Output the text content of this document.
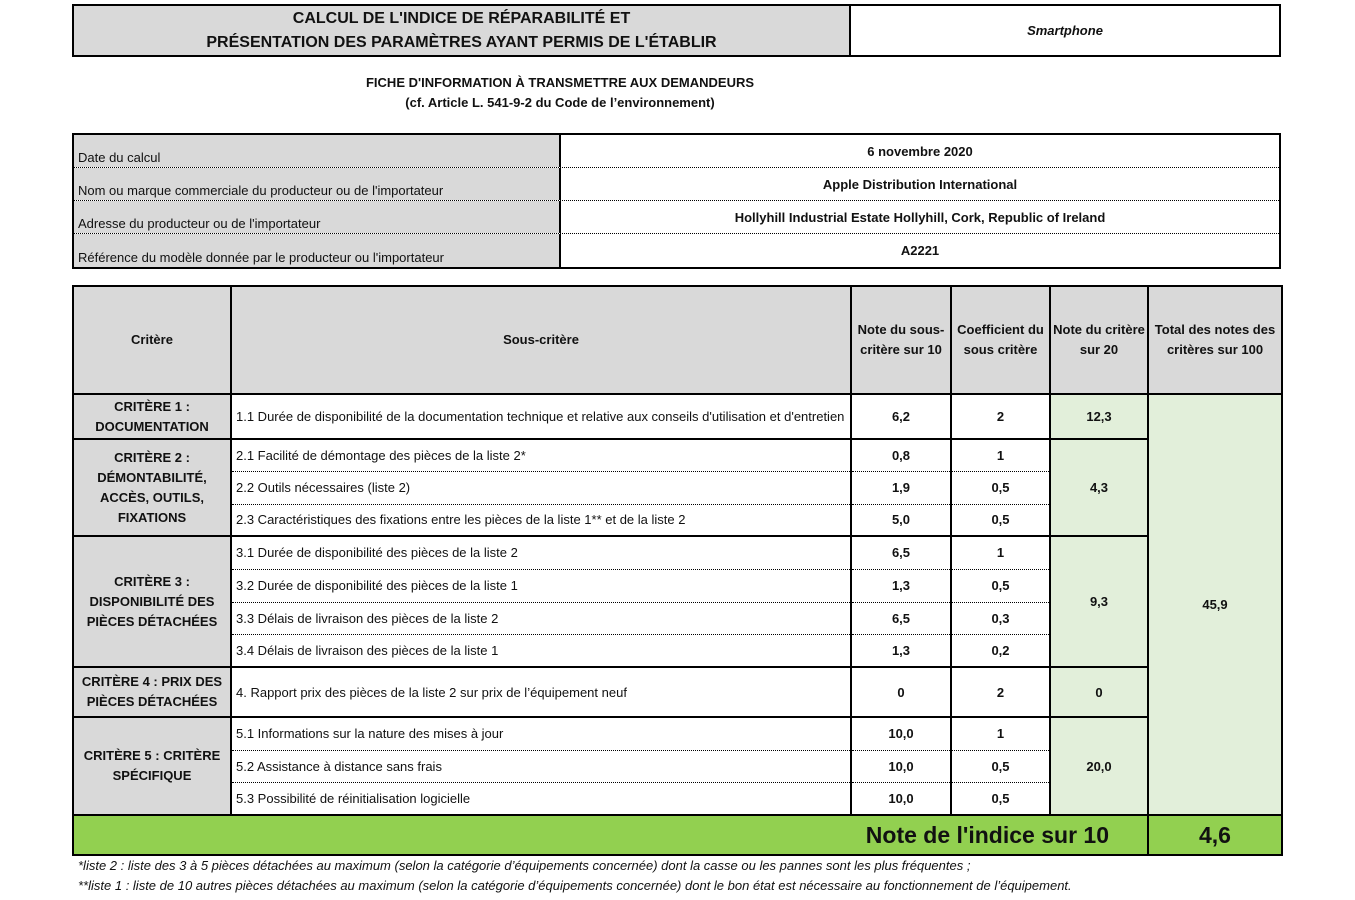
CALCUL DE L'INDICE DE RÉPARABILITÉ ET
PRÉSENTATION DES PARAMÈTRES AYANT PERMIS DE L'ÉTABLIR
Smartphone
FICHE D'INFORMATION À TRANSMETTRE AUX DEMANDEURS
(cf. Article L. 541-9-2 du Code de l’environnement)
Date du calcul	6 novembre 2020
Nom ou marque commerciale du producteur ou de l'importateur	Apple Distribution International
Adresse du producteur ou de l'importateur	Hollyhill Industrial Estate Hollyhill, Cork, Republic of Ireland
Référence du modèle donnée par le producteur ou l'importateur	A2221
Critère	Sous-critère	Note du sous-critère sur 10	Coefficient du sous critère	Note du critère sur 20	Total des notes des critères sur 100
CRITÈRE 1 : DOCUMENTATION	1.1 Durée de disponibilité de la documentation technique et relative aux conseils d'utilisation et d'entretien	6,2	2	12,3	45,9
CRITÈRE 2 : DÉMONTABILITÉ, ACCÈS, OUTILS, FIXATIONS	2.1 Facilité de démontage des pièces de la liste 2*	0,8	1	4,3	
	2.2 Outils nécessaires (liste 2)	1,9	0,5		
	2.3 Caractéristiques des fixations entre les pièces de la liste 1** et de la liste 2	5,0	0,5		
CRITÈRE 3 : DISPONIBILITÉ DES PIÈCES DÉTACHÉES	3.1 Durée de disponibilité des pièces de la liste 2	6,5	1	9,3	
	3.2 Durée de disponibilité des pièces de la liste 1	1,3	0,5		
	3.3 Délais de livraison des pièces de la liste 2	6,5	0,3		
	3.4 Délais de livraison des pièces de la liste 1	1,3	0,2		
CRITÈRE 4 : PRIX DES PIÈCES DÉTACHÉES	4. Rapport prix des pièces de la liste 2 sur prix de l’équipement neuf	0	2	0	
CRITÈRE 5 : CRITÈRE SPÉCIFIQUE	5.1 Informations sur la nature des mises à jour	10,0	1	20,0	
	5.2 Assistance à distance sans frais	10,0	0,5		
	5.3 Possibilité de réinitialisation logicielle	10,0	0,5		
Note de l'indice sur 10					4,6
*liste 2 : liste des 3 à 5 pièces détachées au maximum (selon la catégorie d’équipements concernée) dont la casse ou les pannes sont les plus fréquentes ;
**liste 1 : liste de 10 autres pièces détachées au maximum (selon la catégorie d’équipements concernée) dont le bon état est nécessaire au fonctionnement de l’équipement.
